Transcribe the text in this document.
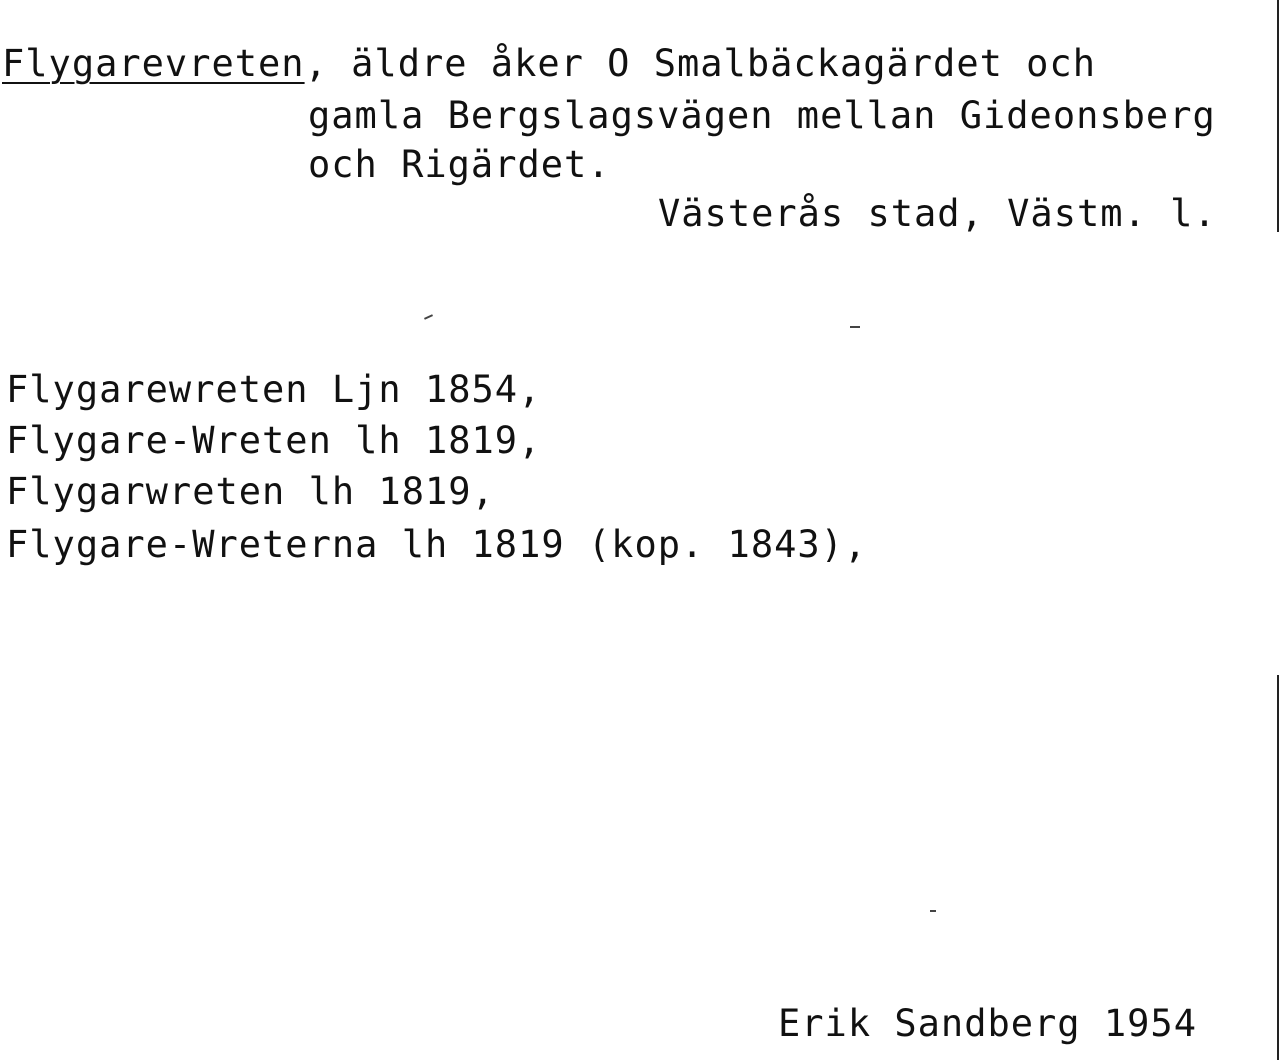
Flygarevreten, äldre åker O Smalbäckagärdet och
gamla Bergslagsvägen mellan Gideonsberg
och Rigärdet.
Västerås stad, Västm. l.
Flygarewreten Ljn 1854,
Flygare-Wreten lh 1819,
Flygarwreten lh 1819,
Flygare-Wreterna lh 1819 (kop. 1843),
Erik Sandberg 1954
